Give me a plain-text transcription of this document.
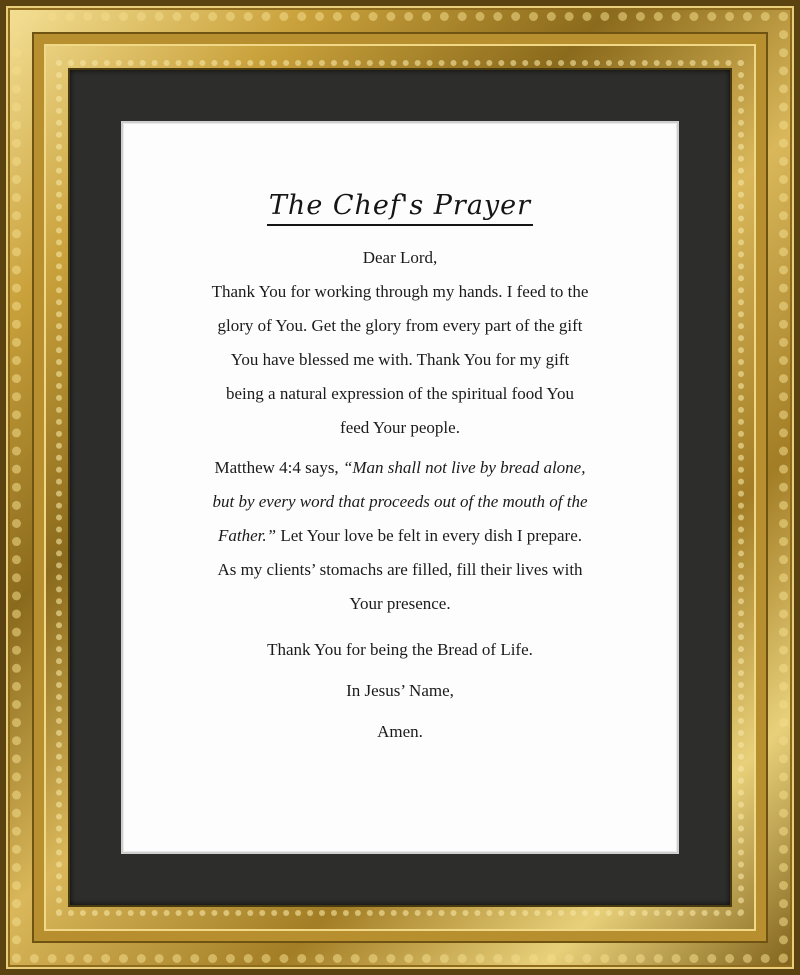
The Chef's Prayer
Dear Lord,
Thank You for working through my hands. I feed to the
glory of You. Get the glory from every part of the gift
You have blessed me with. Thank You for my gift
being a natural expression of the spiritual food You
feed Your people.
Matthew 4:4 says, “Man shall not live by bread alone,
but by every word that proceeds out of the mouth of the
Father.” Let Your love be felt in every dish I prepare.
As my clients’ stomachs are filled, fill their lives with
Your presence.
Thank You for being the Bread of Life.
In Jesus’ Name,
Amen.
